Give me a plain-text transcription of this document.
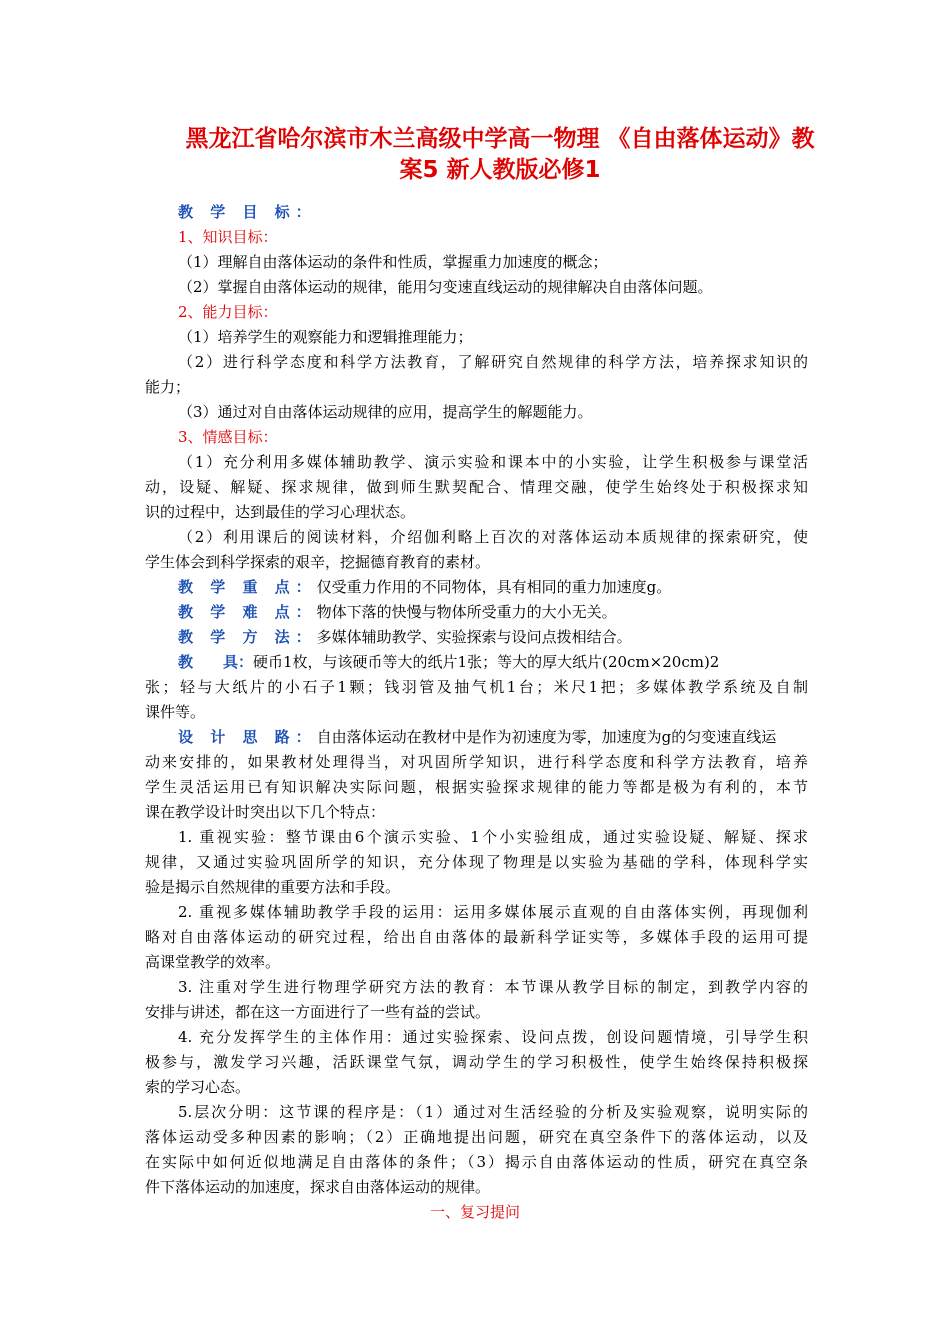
黑龙江省哈尔滨市木兰高级中学高一物理 《自由落体运动》教
案5 新人教版必修1
教 学 目 标：
1、知识目标：
（1）理解自由落体运动的条件和性质，掌握重力加速度的概念；
（2）掌握自由落体运动的规律，能用匀变速直线运动的规律解决自由落体问题。
2、能力目标：
（1）培养学生的观察能力和逻辑推理能力；
（2）进行科学态度和科学方法教育，了解研究自然规律的科学方法，培养探求知识的
能力；
（3）通过对自由落体运动规律的应用，提高学生的解题能力。
3、情感目标：
（1）充分利用多媒体辅助教学、演示实验和课本中的小实验，让学生积极参与课堂活
动，设疑、解疑、探求规律，做到师生默契配合、情理交融，使学生始终处于积极探求知
识的过程中，达到最佳的学习心理状态。
（2）利用课后的阅读材料，介绍伽利略上百次的对落体运动本质规律的探索研究，使
学生体会到科学探索的艰辛，挖掘德育教育的素材。
教 学 重 点：仅受重力作用的不同物体，具有相同的重力加速度g。
教 学 难 点：物体下落的快慢与物体所受重力的大小无关。
教 学 方 法：多媒体辅助教学、实验探索与设问点拨相结合。
教　　具：硬币1枚，与该硬币等大的纸片1张；等大的厚大纸片(20cm×20cm)2
张；轻与大纸片的小石子1颗；钱羽管及抽气机1台；米尺1把；多媒体教学系统及自制
课件等。
设 计 思 路：自由落体运动在教材中是作为初速度为零，加速度为g的匀变速直线运
动来安排的，如果教材处理得当，对巩固所学知识，进行科学态度和科学方法教育，培养
学生灵活运用已有知识解决实际问题，根据实验探求规律的能力等都是极为有利的，本节
课在教学设计时突出以下几个特点：
1. 重视实验：整节课由6个演示实验、1个小实验组成，通过实验设疑、解疑、探求
规律，又通过实验巩固所学的知识，充分体现了物理是以实验为基础的学科，体现科学实
验是揭示自然规律的重要方法和手段。
2. 重视多媒体辅助教学手段的运用：运用多媒体展示直观的自由落体实例，再现伽利
略对自由落体运动的研究过程，给出自由落体的最新科学证实等，多媒体手段的运用可提
高课堂教学的效率。
3. 注重对学生进行物理学研究方法的教育：本节课从教学目标的制定，到教学内容的
安排与讲述，都在这一方面进行了一些有益的尝试。
4. 充分发挥学生的主体作用：通过实验探索、设问点拨，创设问题情境，引导学生积
极参与，激发学习兴趣，活跃课堂气氛，调动学生的学习积极性，使学生始终保持积极探
索的学习心态。
5.层次分明：这节课的程序是：（1）通过对生活经验的分析及实验观察，说明实际的
落体运动受多种因素的影响；（2）正确地提出问题，研究在真空条件下的落体运动，以及
在实际中如何近似地满足自由落体的条件；（3）揭示自由落体运动的性质，研究在真空条
件下落体运动的加速度，探求自由落体运动的规律。
一、复习提问
